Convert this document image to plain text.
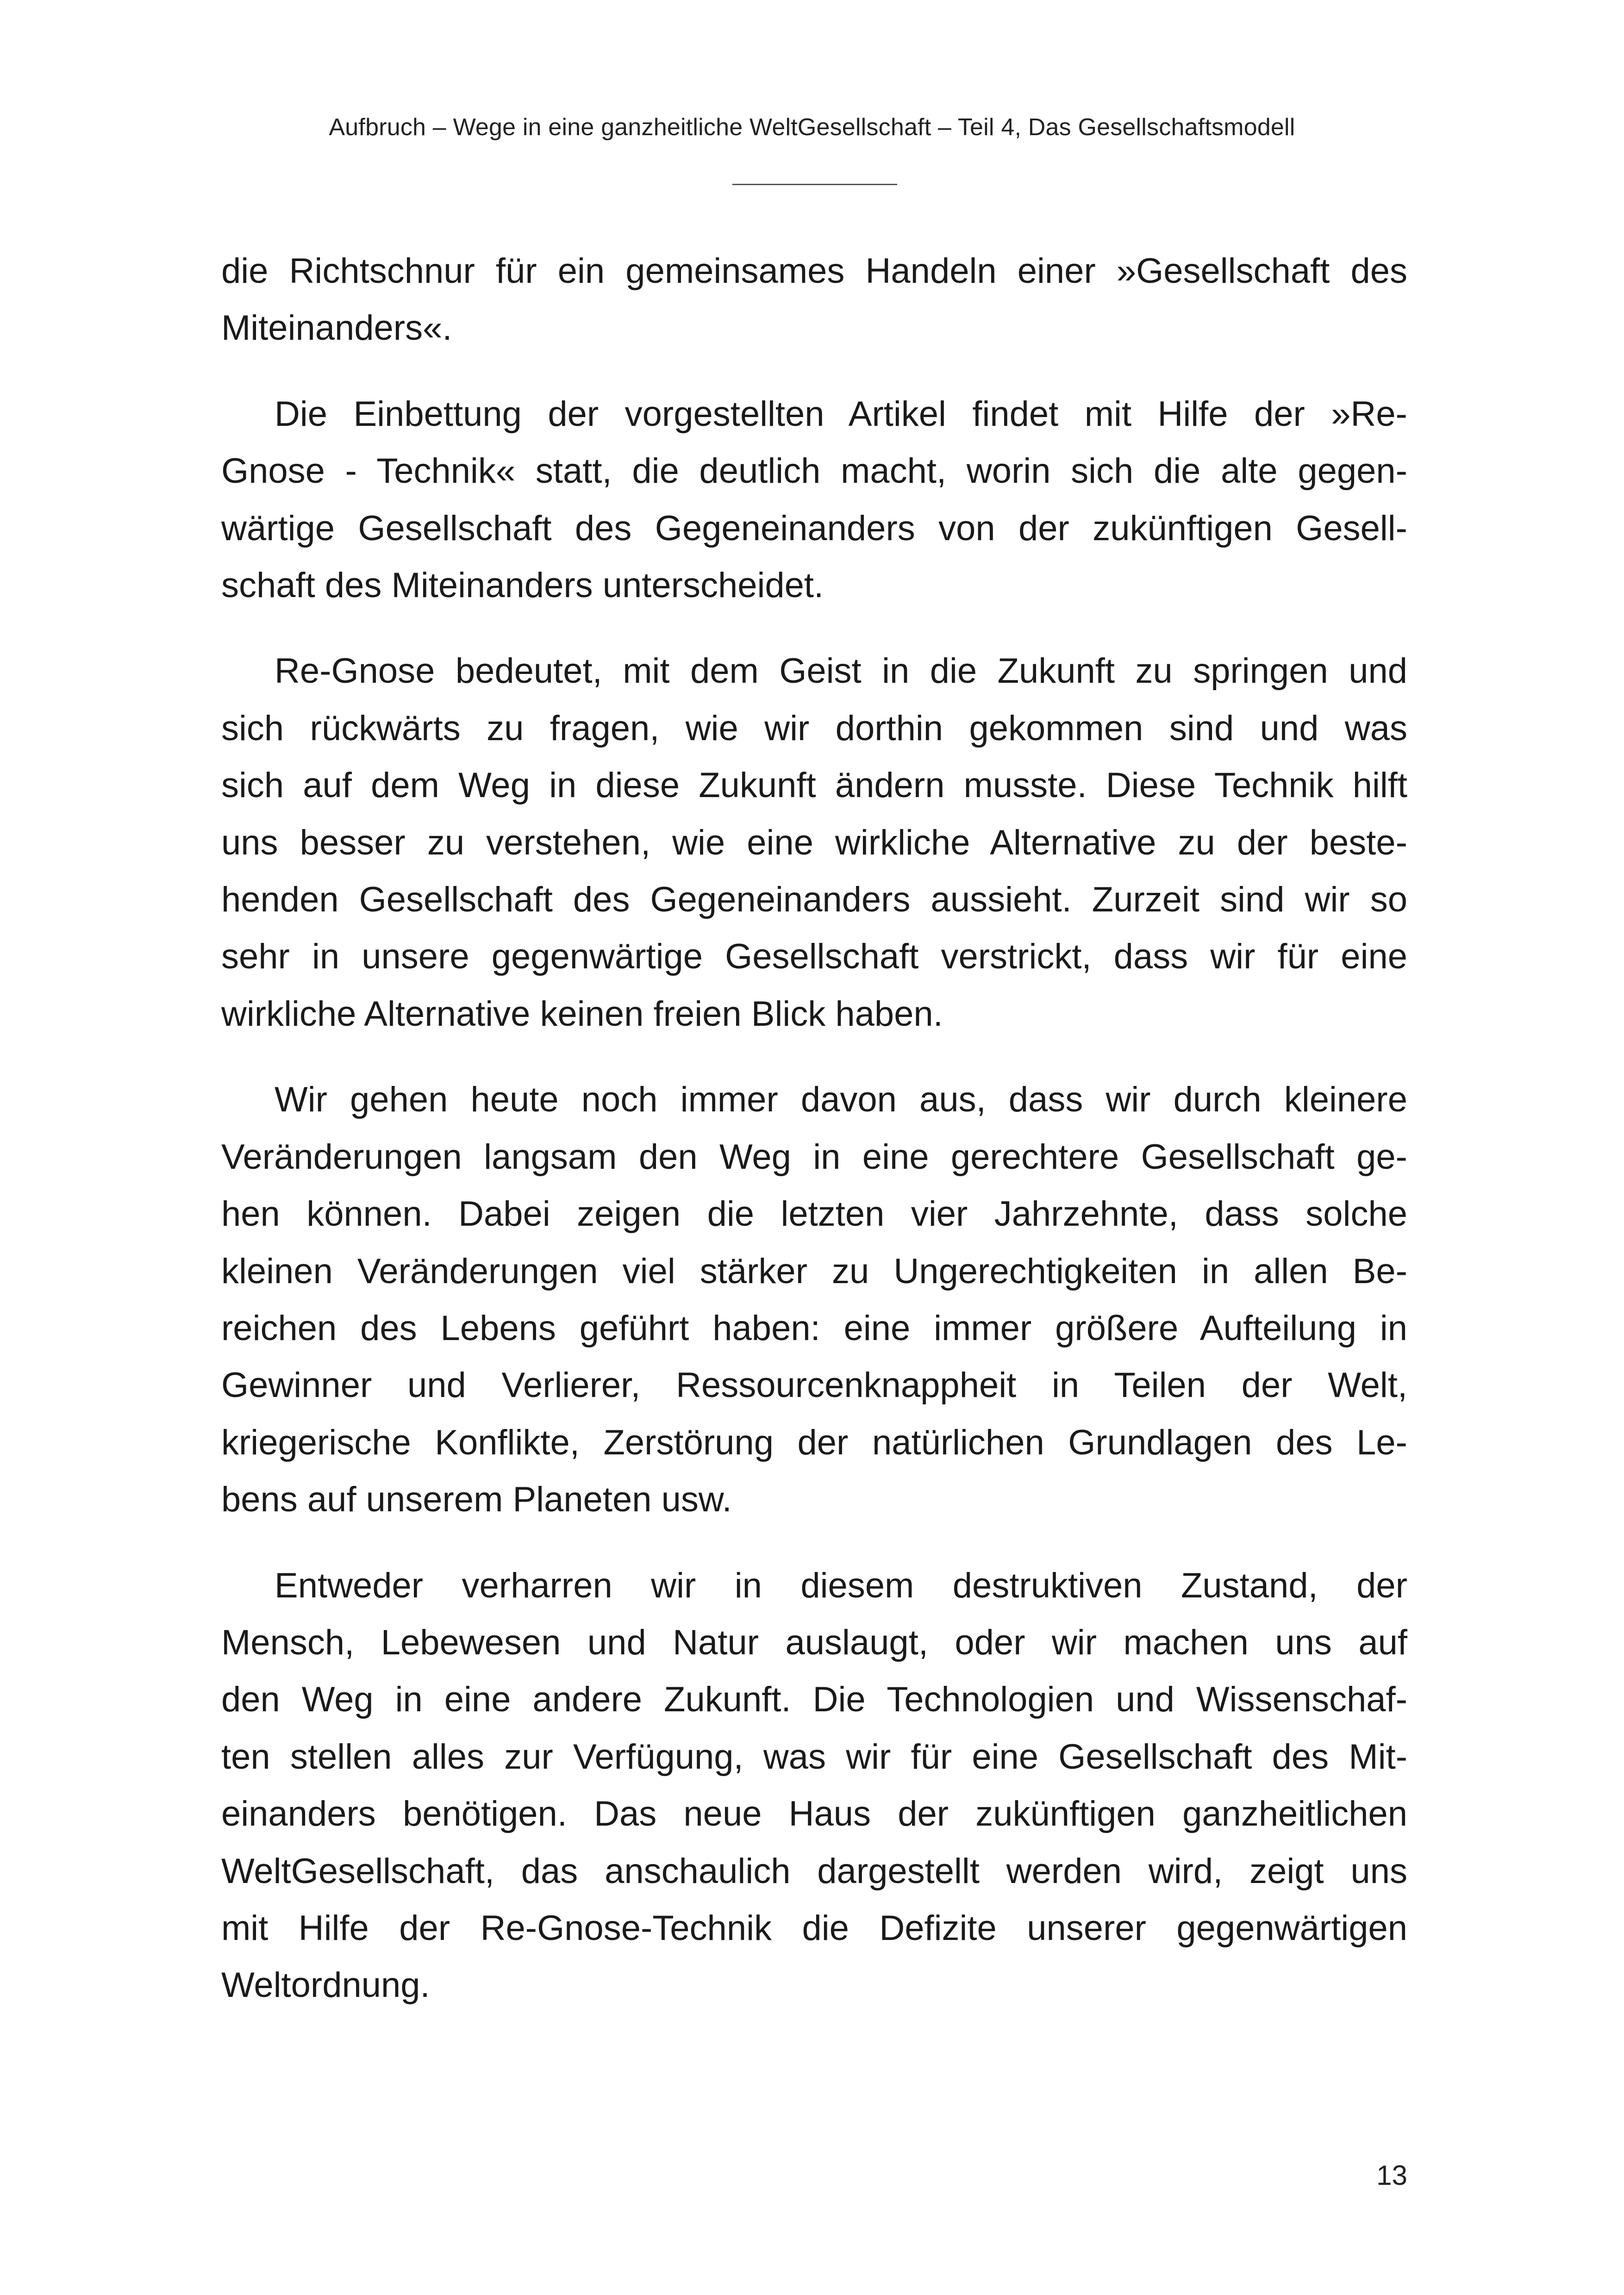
Aufbruch – Wege in eine ganzheitliche WeltGesellschaft – Teil 4, Das Gesellschaftsmodell
die Richtschnur für ein gemeinsames Handeln einer »Gesellschaft des
Miteinanders«.
Die Einbettung der vorgestellten Artikel findet mit Hilfe der »Re-
Gnose - Technik« statt, die deutlich macht, worin sich die alte gegen-
wärtige Gesellschaft des Gegeneinanders von der zukünftigen Gesell-
schaft des Miteinanders unterscheidet.
Re-Gnose bedeutet, mit dem Geist in die Zukunft zu springen und
sich rückwärts zu fragen, wie wir dorthin gekommen sind und was
sich auf dem Weg in diese Zukunft ändern musste. Diese Technik hilft
uns besser zu verstehen, wie eine wirkliche Alternative zu der beste-
henden Gesellschaft des Gegeneinanders aussieht. Zurzeit sind wir so
sehr in unsere gegenwärtige Gesellschaft verstrickt, dass wir für eine
wirkliche Alternative keinen freien Blick haben.
Wir gehen heute noch immer davon aus, dass wir durch kleinere
Veränderungen langsam den Weg in eine gerechtere Gesellschaft ge-
hen können. Dabei zeigen die letzten vier Jahrzehnte, dass solche
kleinen Veränderungen viel stärker zu Ungerechtigkeiten in allen Be-
reichen des Lebens geführt haben: eine immer größere Aufteilung in
Gewinner und Verlierer, Ressourcenknappheit in Teilen der Welt,
kriegerische Konflikte, Zerstörung der natürlichen Grundlagen des Le-
bens auf unserem Planeten usw.
Entweder verharren wir in diesem destruktiven Zustand, der
Mensch, Lebewesen und Natur auslaugt, oder wir machen uns auf
den Weg in eine andere Zukunft. Die Technologien und Wissenschaf-
ten stellen alles zur Verfügung, was wir für eine Gesellschaft des Mit-
einanders benötigen. Das neue Haus der zukünftigen ganzheitlichen
WeltGesellschaft, das anschaulich dargestellt werden wird, zeigt uns
mit Hilfe der Re-Gnose-Technik die Defizite unserer gegenwärtigen
Weltordnung.
13
